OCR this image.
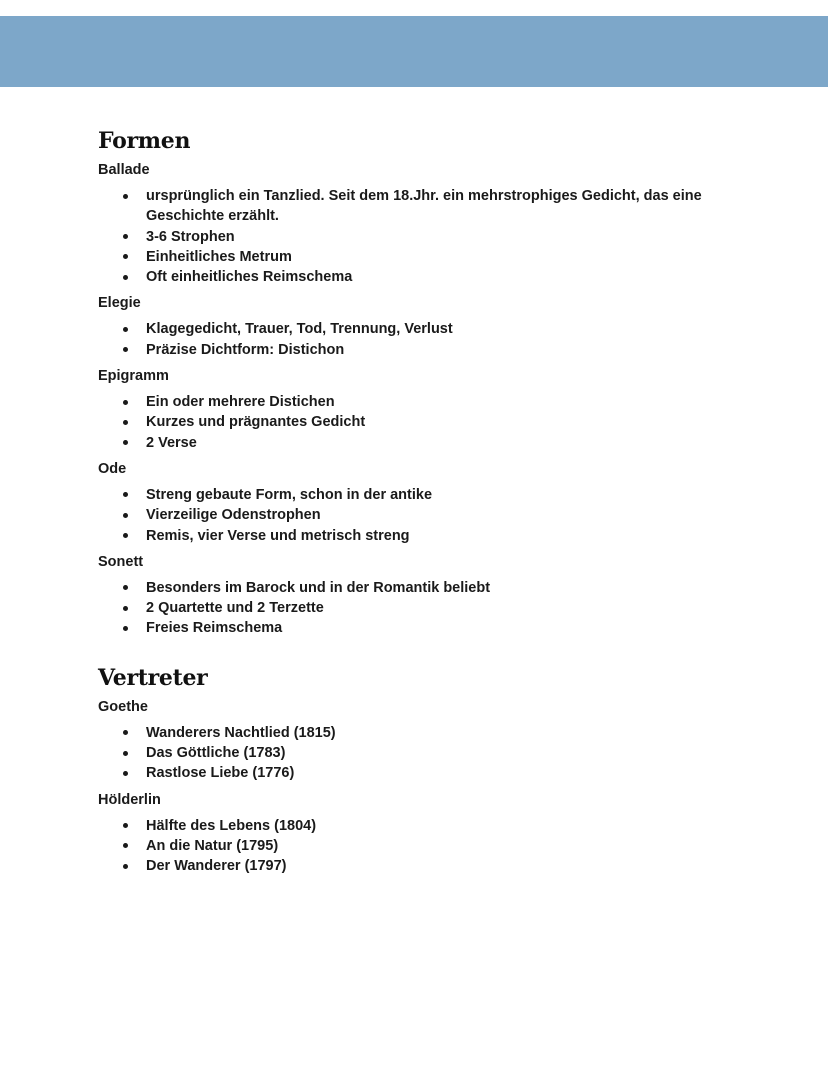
Formen
Ballade
ursprünglich ein Tanzlied. Seit dem 18.Jhr. ein mehrstrophiges Gedicht, das eine Geschichte erzählt.
3-6 Strophen
Einheitliches Metrum
Oft einheitliches Reimschema
Elegie
Klagegedicht, Trauer, Tod, Trennung, Verlust
Präzise Dichtform: Distichon
Epigramm
Ein oder mehrere Distichen
Kurzes und prägnantes Gedicht
2 Verse
Ode
Streng gebaute Form, schon in der antike
Vierzeilige Odenstrophen
Remis, vier Verse und metrisch streng
Sonett
Besonders im Barock und in der Romantik beliebt
2 Quartette und 2 Terzette
Freies Reimschema
Vertreter
Goethe
Wanderers Nachtlied (1815)
Das Göttliche (1783)
Rastlose Liebe (1776)
Hölderlin
Hälfte des Lebens (1804)
An die Natur (1795)
Der Wanderer (1797)
